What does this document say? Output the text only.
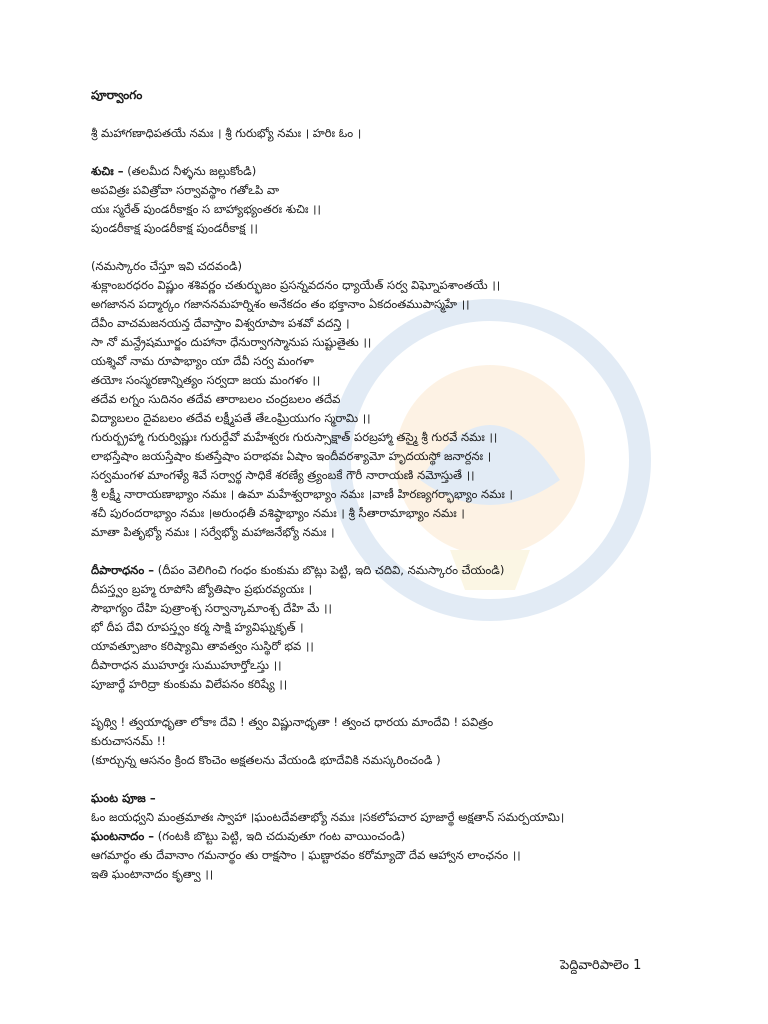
పూర్వాంగం
శ్రీ మహాగణాధిపతయే నమః । శ్రీ గురుభ్యో నమః । హరిః ఓం ।
శుచిః – (తలమీద నీళ్ళను జల్లుకోండి)
అపవిత్రః పవిత్రోవా సర్వావస్థాం గతోఽపి వా
యః స్మరేత్ పుండరీకాక్షం స బాహ్యాభ్యంతరః శుచిః ।।
పుండరీకాక్ష పుండరీకాక్ష పుండరీకాక్ష ।।
(నమస్కారం చేస్తూ ఇవి చదవండి)
శుక్లాంబరధరం విష్ణుం శశివర్ణం చతుర్భుజం ప్రసన్నవదనం ధ్యాయేత్ సర్వ విఘ్నోపశాంతయే ।।
అగజానన పద్మార్కం గజాననమహర్నిశం అనేకదం తం భక్తానాం ఏకదంతముపాస్మహే ।।
దేవీం వాచమజనయన్త దేవాస్తాం విశ్వరూపాః పశవో వదన్తి ।
సా నో మన్ద్రేషమూర్జం దుహానా ధేనుర్వాగస్మానుప సుష్టుతైతు ।।
యశ్శివో నామ రూపాభ్యాం యా దేవీ సర్వ మంగళా
తయోః సంస్మరణాన్నిత్యం సర్వదా జయ మంగళం ।।
తదేవ లగ్నం సుదినం తదేవ తారాబలం చంద్రబలం తదేవ
విద్యాబలం దైవబలం తదేవ లక్ష్మీపతే తేఽంఘ్రియుగం స్మరామి ।।
గురుర్బ్రహ్మా గురుర్విష్ణుః గురుర్దేవో మహేశ్వరః గురుస్సాక్షాత్ పరబ్రహ్మా తస్మై శ్రీ గురవే నమః ।।
లాభస్తేషాం జయస్తేషాం కుతస్తేషాం పరాభవః ఏషాం ఇందీవరశ్యామో హృదయస్థో జనార్దనః ।
సర్వమంగళ మాంగళ్యే శివే సర్వార్థ సాధికే శరణ్యే త్ర్యంబకే గౌరీ నారాయణి నమోస్తుతే ।।
శ్రీ లక్ష్మీ నారాయణాభ్యాం నమః । ఉమా మహేశ్వరాభ్యాం నమః ।వాణీ హిరణ్యగర్భాభ్యాం నమః ।
శచీ పురందరాభ్యాం నమః ।అరుంధతీ వశిష్ఠాభ్యాం నమః । శ్రీ సీతారామాభ్యాం నమః ।
మాతా పితృభ్యో నమః । సర్వేభ్యో మహాజనేభ్యో నమః ।
దీపారాధనం – (దీపం వెలిగించి గంధం కుంకుమ బొట్లు పెట్టి, ఇది చదివి, నమస్కారం చేయండి)
దీపస్త్వం బ్రహ్మ రూపోసి జ్యోతిషాం ప్రభురవ్యయః ।
సౌభాగ్యం దేహి పుత్రాంశ్చ సర్వాన్కామాంశ్చ దేహి మే ।।
భో దీప దేవి రూపస్త్వం కర్మ సాక్షి హ్యవిఘ్నకృత్ ।
యావత్పూజాం కరిష్యామి తావత్వం సుస్థిరో భవ ।।
దీపారాధన ముహూర్తః సుముహూర్తోఽస్తు ।।
పూజార్థే హరిద్రా కుంకుమ విలేపనం కరిష్యే ।।
పృథ్వి ! త్వయాధృతా లోకాః దేవి ! త్వం విష్ణునాధృతా ! త్వంచ ధారయ మాందేవి ! పవిత్రం
కురుచాసనమ్ !!
(కూర్చున్న ఆసనం క్రింద కొంచెం అక్షతలను వేయండి భూదేవికి నమస్కరించండి )
ఘంట పూజ –
ఓం జయధ్వని మంత్రమాతః స్వాహా ।ఘంటదేవతాభ్యో నమః ।సకలోపచార పూజార్థే అక్షతాన్ సమర్పయామి।
ఘంటనాదం – (గంటకి బొట్టు పెట్టి, ఇది చదువుతూ గంట వాయించండి)
ఆగమార్థం తు దేవానాం గమనార్థం తు రాక్షసాం । ఘణ్టారవం కరోమ్యాదౌ దేవ ఆహ్వాన లాంఛనం ।।
ఇతి ఘంటానాదం కృత్వా ।।
పెద్దివారిపాలెం 1
